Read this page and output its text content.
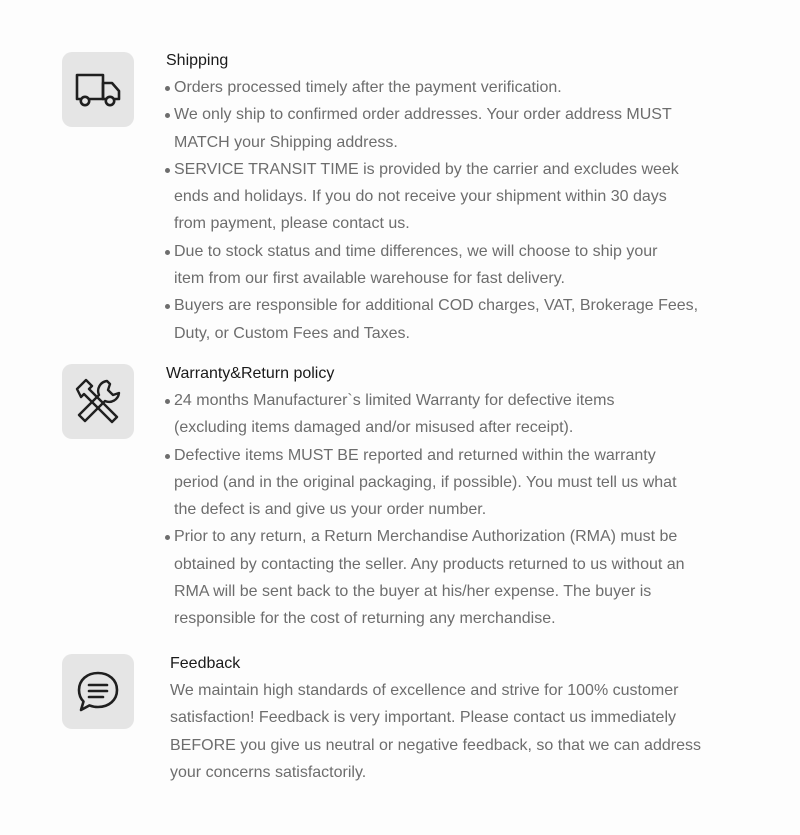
Shipping
Orders processed timely after the payment verification.
We only ship to confirmed order addresses. Your order address MUST
MATCH your Shipping address.
SERVICE TRANSIT TIME is provided by the carrier and excludes week
ends and holidays. If you do not receive your shipment within 30 days
from payment, please contact us.
Due to stock status and time differences, we will choose to ship your
item from our first available warehouse for fast delivery.
Buyers are responsible for additional COD charges, VAT, Brokerage Fees,
Duty, or Custom Fees and Taxes.
Warranty&Return policy
24 months Manufacturer`s limited Warranty for defective items
(excluding items damaged and/or misused after receipt).
Defective items MUST BE reported and returned within the warranty
period (and in the original packaging, if possible). You must tell us what
the defect is and give us your order number.
Prior to any return, a Return Merchandise Authorization (RMA) must be
obtained by contacting the seller. Any products returned to us without an
RMA will be sent back to the buyer at his/her expense. The buyer is
responsible for the cost of returning any merchandise.
Feedback

We maintain high standards of excellence and strive for 100% customer
satisfaction! Feedback is very important. Please contact us immediately
BEFORE you give us neutral or negative feedback, so that we can address
your concerns satisfactorily.
